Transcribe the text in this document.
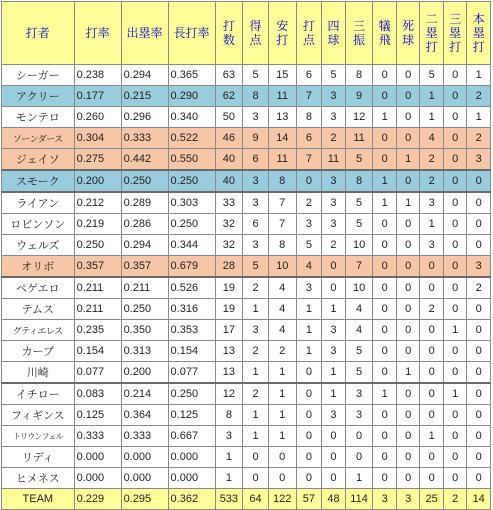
打者	打率	出塁率	長打率	打数	得点	安打	打点	四球	三振	犠飛	死球	二塁打	三塁打	本塁打
シーガー	0.238	0.294	0.365	63	5	15	6	5	8	0	0	5	0	1
アクリー	0.177	0.215	0.290	62	8	11	7	3	9	0	0	1	0	2
モンテロ	0.260	0.296	0.340	50	3	13	8	3	12	1	0	1	0	1
ソーンダース	0.304	0.333	0.522	46	9	14	6	2	11	0	0	4	0	2
ジェイソ	0.275	0.442	0.550	40	6	11	7	11	5	0	1	2	0	3
スモーク	0.200	0.250	0.250	40	3	8	0	3	8	1	0	2	0	0
ライアン	0.212	0.289	0.303	33	3	7	2	3	5	1	1	3	0	0
ロビンソン	0.219	0.286	0.250	32	6	7	3	3	5	0	0	1	0	0
ウェルズ	0.250	0.294	0.344	32	3	8	5	2	10	0	0	3	0	0
オリボ	0.357	0.357	0.679	28	5	10	4	0	7	0	0	0	0	3
ペゲエロ	0.211	0.211	0.526	19	2	4	3	0	10	0	0	0	0	2
テムス	0.211	0.250	0.316	19	1	4	1	1	4	0	0	2	0	0
グティエレス	0.235	0.350	0.353	17	3	4	1	3	4	0	0	0	1	0
カーブ	0.154	0.313	0.154	13	2	2	1	3	5	0	0	0	0	0
川崎	0.077	0.200	0.077	13	1	1	0	1	5	0	1	0	0	0
イチロー	0.083	0.214	0.250	12	2	1	0	1	3	1	0	0	1	0
フィギンス	0.125	0.364	0.125	8	1	1	0	3	3	0	0	0	0	0
トリウンフェル	0.333	0.333	0.667	3	1	1	0	0	0	0	0	1	0	0
リディ	0.000	0.000	0.000	1	0	0	0	0	0	0	0	0	0	0
ヒメネス	0.000	0.000	0.000	1	0	0	0	0	1	0	0	0	0	0
TEAM	0.229	0.295	0.362	533	64	122	57	48	114	3	3	25	2	14
